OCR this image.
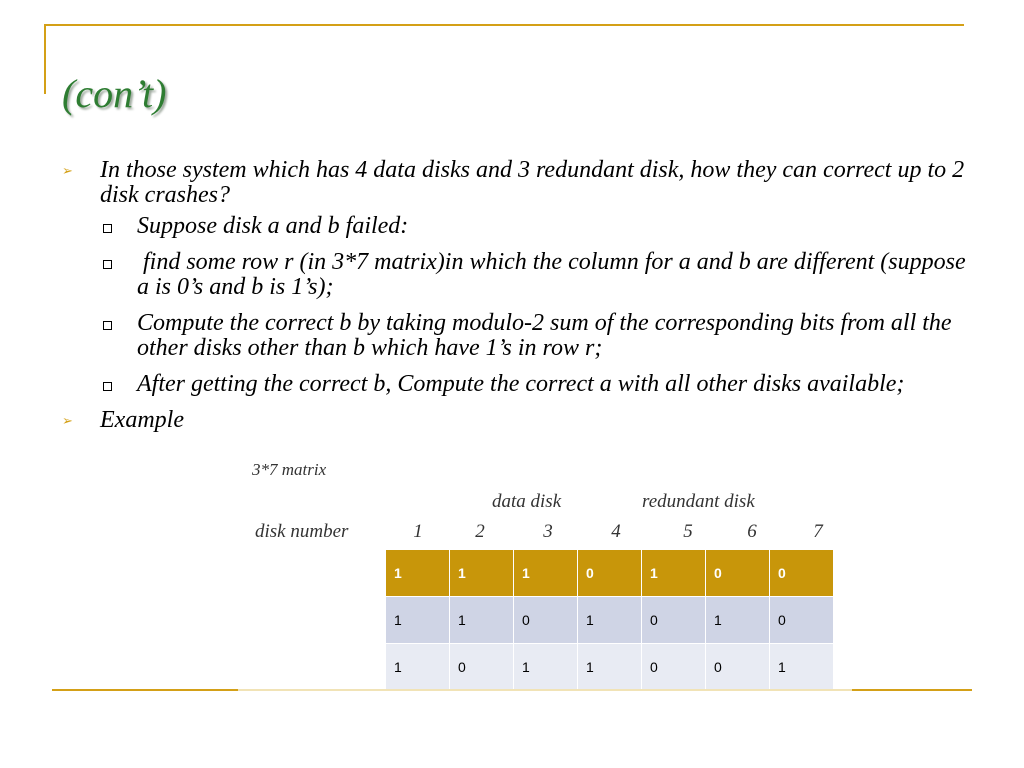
(con’t)
➢ In those system which has 4 data disks and 3 redundant disk, how they can correct up to 2 disk crashes?
Suppose disk a and b failed:
find some row r (in 3*7 matrix)in which the column for a and b are different (suppose a is 0’s and b is 1’s);
Compute the correct b by taking modulo-2 sum of the corresponding bits from all the other disks other than b which have 1’s in row r;
After getting the correct b, Compute the correct a with all other disks available;
➢ Example
3*7 matrix
data disk	redundant disk
disk number	1	2	3	4	5	6	7
1	1	1	0	1	0	0
1	1	0	1	0	1	0
1	0	1	1	0	0	1
